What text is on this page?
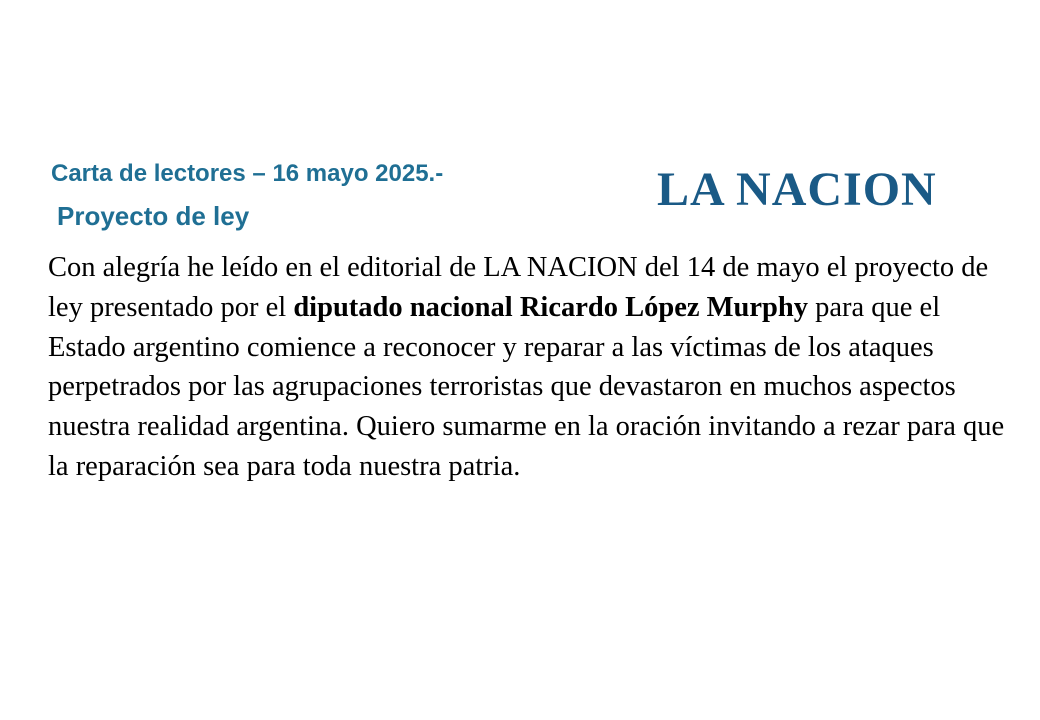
Carta de lectores – 16 mayo 2025.-
Proyecto de ley	LA NACION
Con alegría he leído en el editorial de LA NACION del 14 de mayo el proyecto de ley presentado por el diputado nacional Ricardo López Murphy para que el Estado argentino comience a reconocer y reparar a las víctimas de los ataques perpetrados por las agrupaciones terroristas que devastaron en muchos aspectos nuestra realidad argentina. Quiero sumarme en la oración invitando a rezar para que la reparación sea para toda nuestra patria.
